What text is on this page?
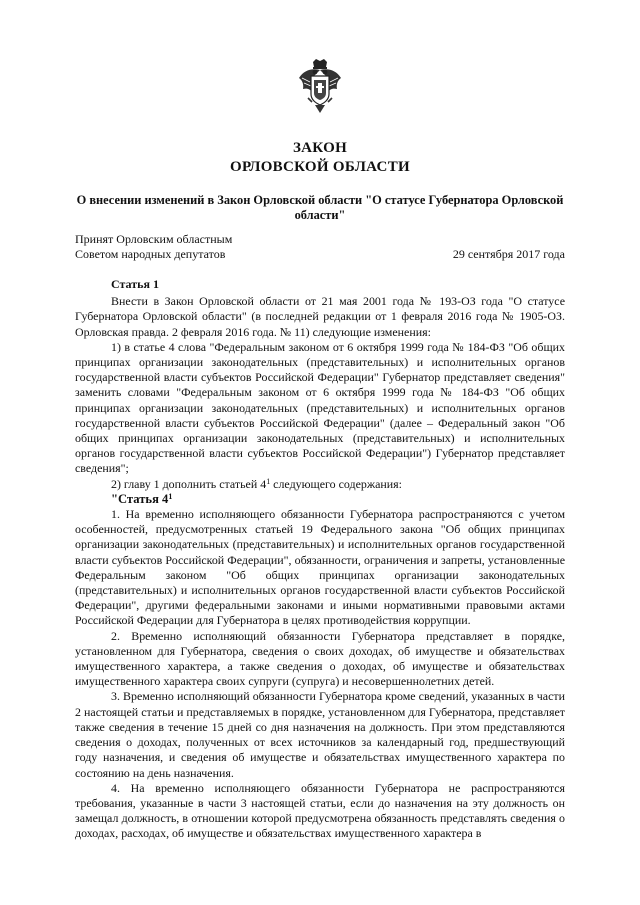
ЗАКОН
ОРЛОВСКОЙ ОБЛАСТИ
О внесении изменений в Закон Орловской области "О статусе Губернатора Орловской области"
Принят Орловским областным
Советом народных депутатов	29 сентября 2017 года

Статья 1

Внести в Закон Орловской области от 21 мая 2001 года № 193-ОЗ года "О статусе Губернатора Орловской области" (в последней редакции от 1 февраля 2016 года № 1905-ОЗ. Орловская правда. 2 февраля 2016 года. № 11) следующие изменения:

1) в статье 4 слова "Федеральным законом от 6 октября 1999 года № 184-ФЗ "Об общих принципах организации законодательных (представительных) и исполнительных органов государственной власти субъектов Российской Федерации" Губернатор представляет сведения" заменить словами "Федеральным законом от 6 октября 1999 года № 184-ФЗ "Об общих принципах организации законодательных (представительных) и исполнительных органов государственной власти субъектов Российской Федерации" (далее – Федеральный закон "Об общих принципах организации законодательных (представительных) и исполнительных органов государственной власти субъектов Российской Федерации") Губернатор представляет сведения";

2) главу 1 дополнить статьей $4^1$ следующего содержания:

"Статья $4^1$

1. На временно исполняющего обязанности Губернатора распространяются с учетом особенностей, предусмотренных статьей 19 Федерального закона "Об общих принципах организации законодательных (представительных) и исполнительных органов государственной власти субъектов Российской Федерации", обязанности, ограничения и запреты, установленные Федеральным законом "Об общих принципах организации законодательных (представительных) и исполнительных органов государственной власти субъектов Российской Федерации", другими федеральными законами и иными нормативными правовыми актами Российской Федерации для Губернатора в целях противодействия коррупции.

2. Временно исполняющий обязанности Губернатора представляет в порядке, установленном для Губернатора, сведения о своих доходах, об имуществе и обязательствах имущественного характера, а также сведения о доходах, об имуществе и обязательствах имущественного характера своих супруги (супруга) и несовершеннолетних детей.

3. Временно исполняющий обязанности Губернатора кроме сведений, указанных в части 2 настоящей статьи и представляемых в порядке, установленном для Губернатора, представляет также сведения в течение 15 дней со дня назначения на должность. При этом представляются сведения о доходах, полученных от всех источников за календарный год, предшествующий году назначения, и сведения об имуществе и обязательствах имущественного характера по состоянию на день назначения.

4. На временно исполняющего обязанности Губернатора не распространяются требования, указанные в части 3 настоящей статьи, если до назначения на эту должность он замещал должность, в отношении которой предусмотрена обязанность представлять сведения о доходах, расходах, об имуществе и обязательствах имущественного характера в
